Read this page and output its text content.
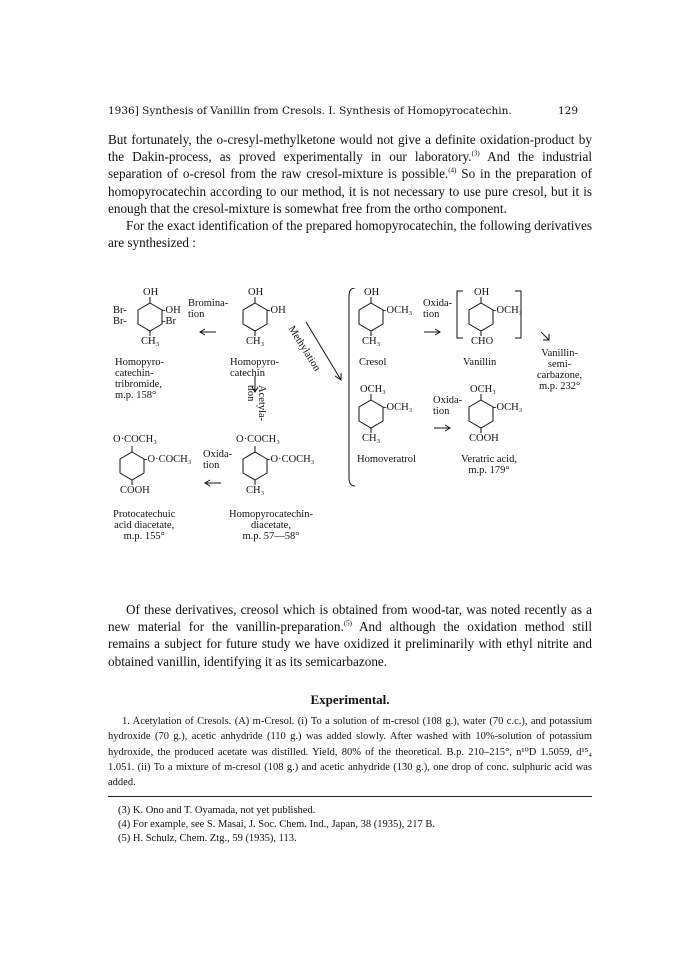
1936] Synthesis of Vanillin from Cresols. I. Synthesis of Homopyrocatechin.	129

But fortunately, the o-cresyl-methylketone would not give a definite oxidation-product by the Dakin-process, as proved experimentally in our laboratory.$^{(3)}$ And the industrial separation of o-cresol from the raw cresol-mixture is possible.$^{(4)}$ So in the preparation of homopyrocatechin according to our method, it is not necessary to use pure cresol, but it is enough that the cresol-mixture is somewhat free from the ortho component.

For the exact identification of the prepared homopyrocatechin, the following derivatives are synthesized :

OH
Br-
Br-
-OH
-Br
CH₃
Bromina-
tion
Homopyro-
catechin-
tribromide,
m.p. 158°
OH
-OH
CH₃
Homopyro-
catechin
Acetyla-
tion
Methylation
OH
-OCH₃
CH₃
Oxida-
tion
Cresol
OH
-OCH₃
CHO
Vanillin
Vanillin-
semi-
carbazone,
m.p. 232°
OCH₃
-OCH₃
CH₃
Oxida-
tion
Homoveratrol
OCH₃
-OCH₃
COOH
Veratric acid,
m.p. 179°
O·COCH₃
-O·COCH₃
COOH
Oxida-
tion
Protocatechuic
acid diacetate,
m.p. 155°
O·COCH₃
-O·COCH₃
CH₃
Homopyrocatechin-
diacetate,
m.p. 57—58°

Of these derivatives, creosol which is obtained from wood-tar, was noted recently as a new material for the vanillin-preparation.$^{(5)}$ And although the oxidation method still remains a subject for future study we have oxidized it preliminarily with ethyl nitrite and obtained vanillin, identifying it as its semicarbazone.

Experimental.

1. Acetylation of Cresols. (A) m-Cresol. (i) To a solution of m-cresol (108 g.), water (70 c.c.), and potassium hydroxide (70 g.), acetic anhydride (110 g.) was added slowly. After washed with 10%-solution of potassium hydroxide, the produced acetate was distilled. Yield, 80% of the theoretical. B.p. 210–215°, n¹⁰D 1.5059, d¹⁵₄ 1.051. (ii) To a mixture of m-cresol (108 g.) and acetic anhydride (130 g.), one drop of conc. sulphuric acid was added.

(3) K. Ono and T. Oyamada, not yet published.
(4) For example, see S. Masai, J. Soc. Chem. Ind., Japan, 38 (1935), 217 B.
(5) H. Schulz, Chem. Ztg., 59 (1935), 113.
